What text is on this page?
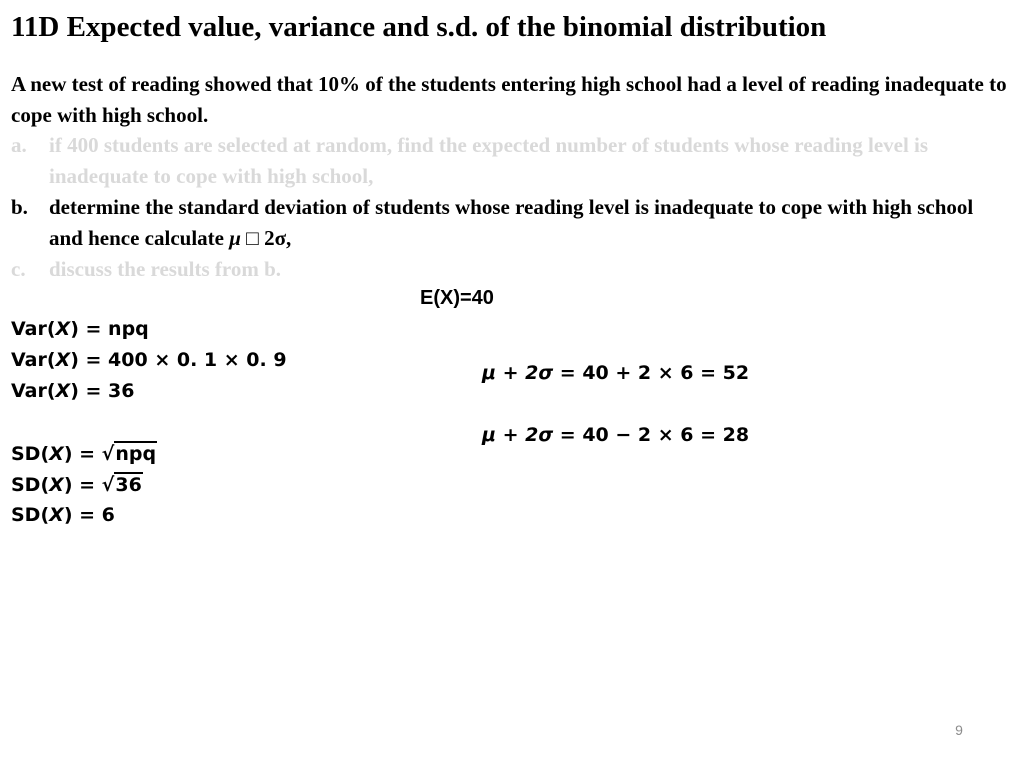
11D Expected value, variance and s.d. of the binomial distribution
A new test of reading showed that 10% of the students entering high school had a level of reading inadequate to cope with high school.
a.	if 400 students are selected at random, find the expected number of students whose reading level is inadequate to cope with high school,
b.	determine the standard deviation of students whose reading level is inadequate to cope with high school and hence calculate μ □ 2σ,
c.	discuss the results from b.
E(X)=40
Var(X) = npq
Var(X) = 400 × 0. 1 × 0. 9
Var(X) = 36
SD(X) = √npq
SD(X) = √36
SD(X) = 6
μ + 2σ = 40 + 2 × 6 = 52
μ + 2σ = 40 − 2 × 6 = 28
9
